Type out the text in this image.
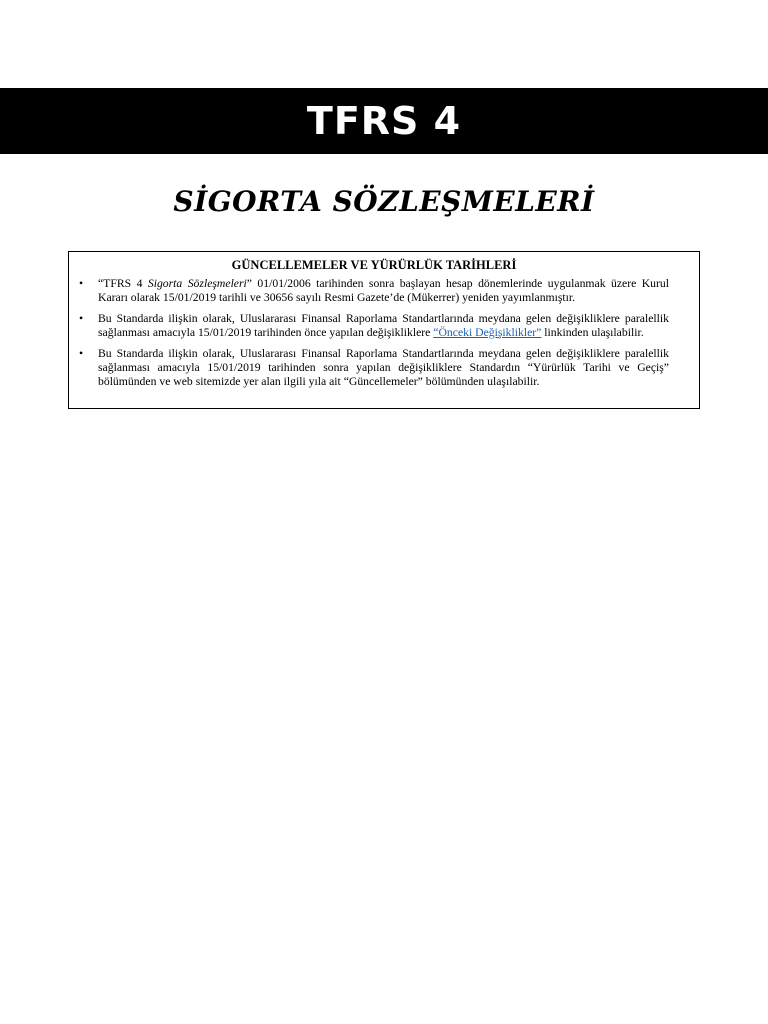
TFRS 4
SİGORTA SÖZLEŞMELERİ
GÜNCELLEMELER VE YÜRÜRLÜK TARİHLERİ
• “TFRS 4 Sigorta Sözleşmeleri” 01/01/2006 tarihinden sonra başlayan hesap dönemlerinde uygulanmak üzere Kurul Kararı olarak 15/01/2019 tarihli ve 30656 sayılı Resmi Gazete’de (Mükerrer) yeniden yayımlanmıştır.
• Bu Standarda ilişkin olarak, Uluslararası Finansal Raporlama Standartlarında meydana gelen değişikliklere paralellik sağlanması amacıyla 15/01/2019 tarihinden önce yapılan değişikliklere “Önceki Değişiklikler” linkinden ulaşılabilir.
• Bu Standarda ilişkin olarak, Uluslararası Finansal Raporlama Standartlarında meydana gelen değişikliklere paralellik sağlanması amacıyla 15/01/2019 tarihinden sonra yapılan değişikliklere Standardın “Yürürlük Tarihi ve Geçiş” bölümünden ve web sitemizde yer alan ilgili yıla ait “Güncellemeler” bölümünden ulaşılabilir.
